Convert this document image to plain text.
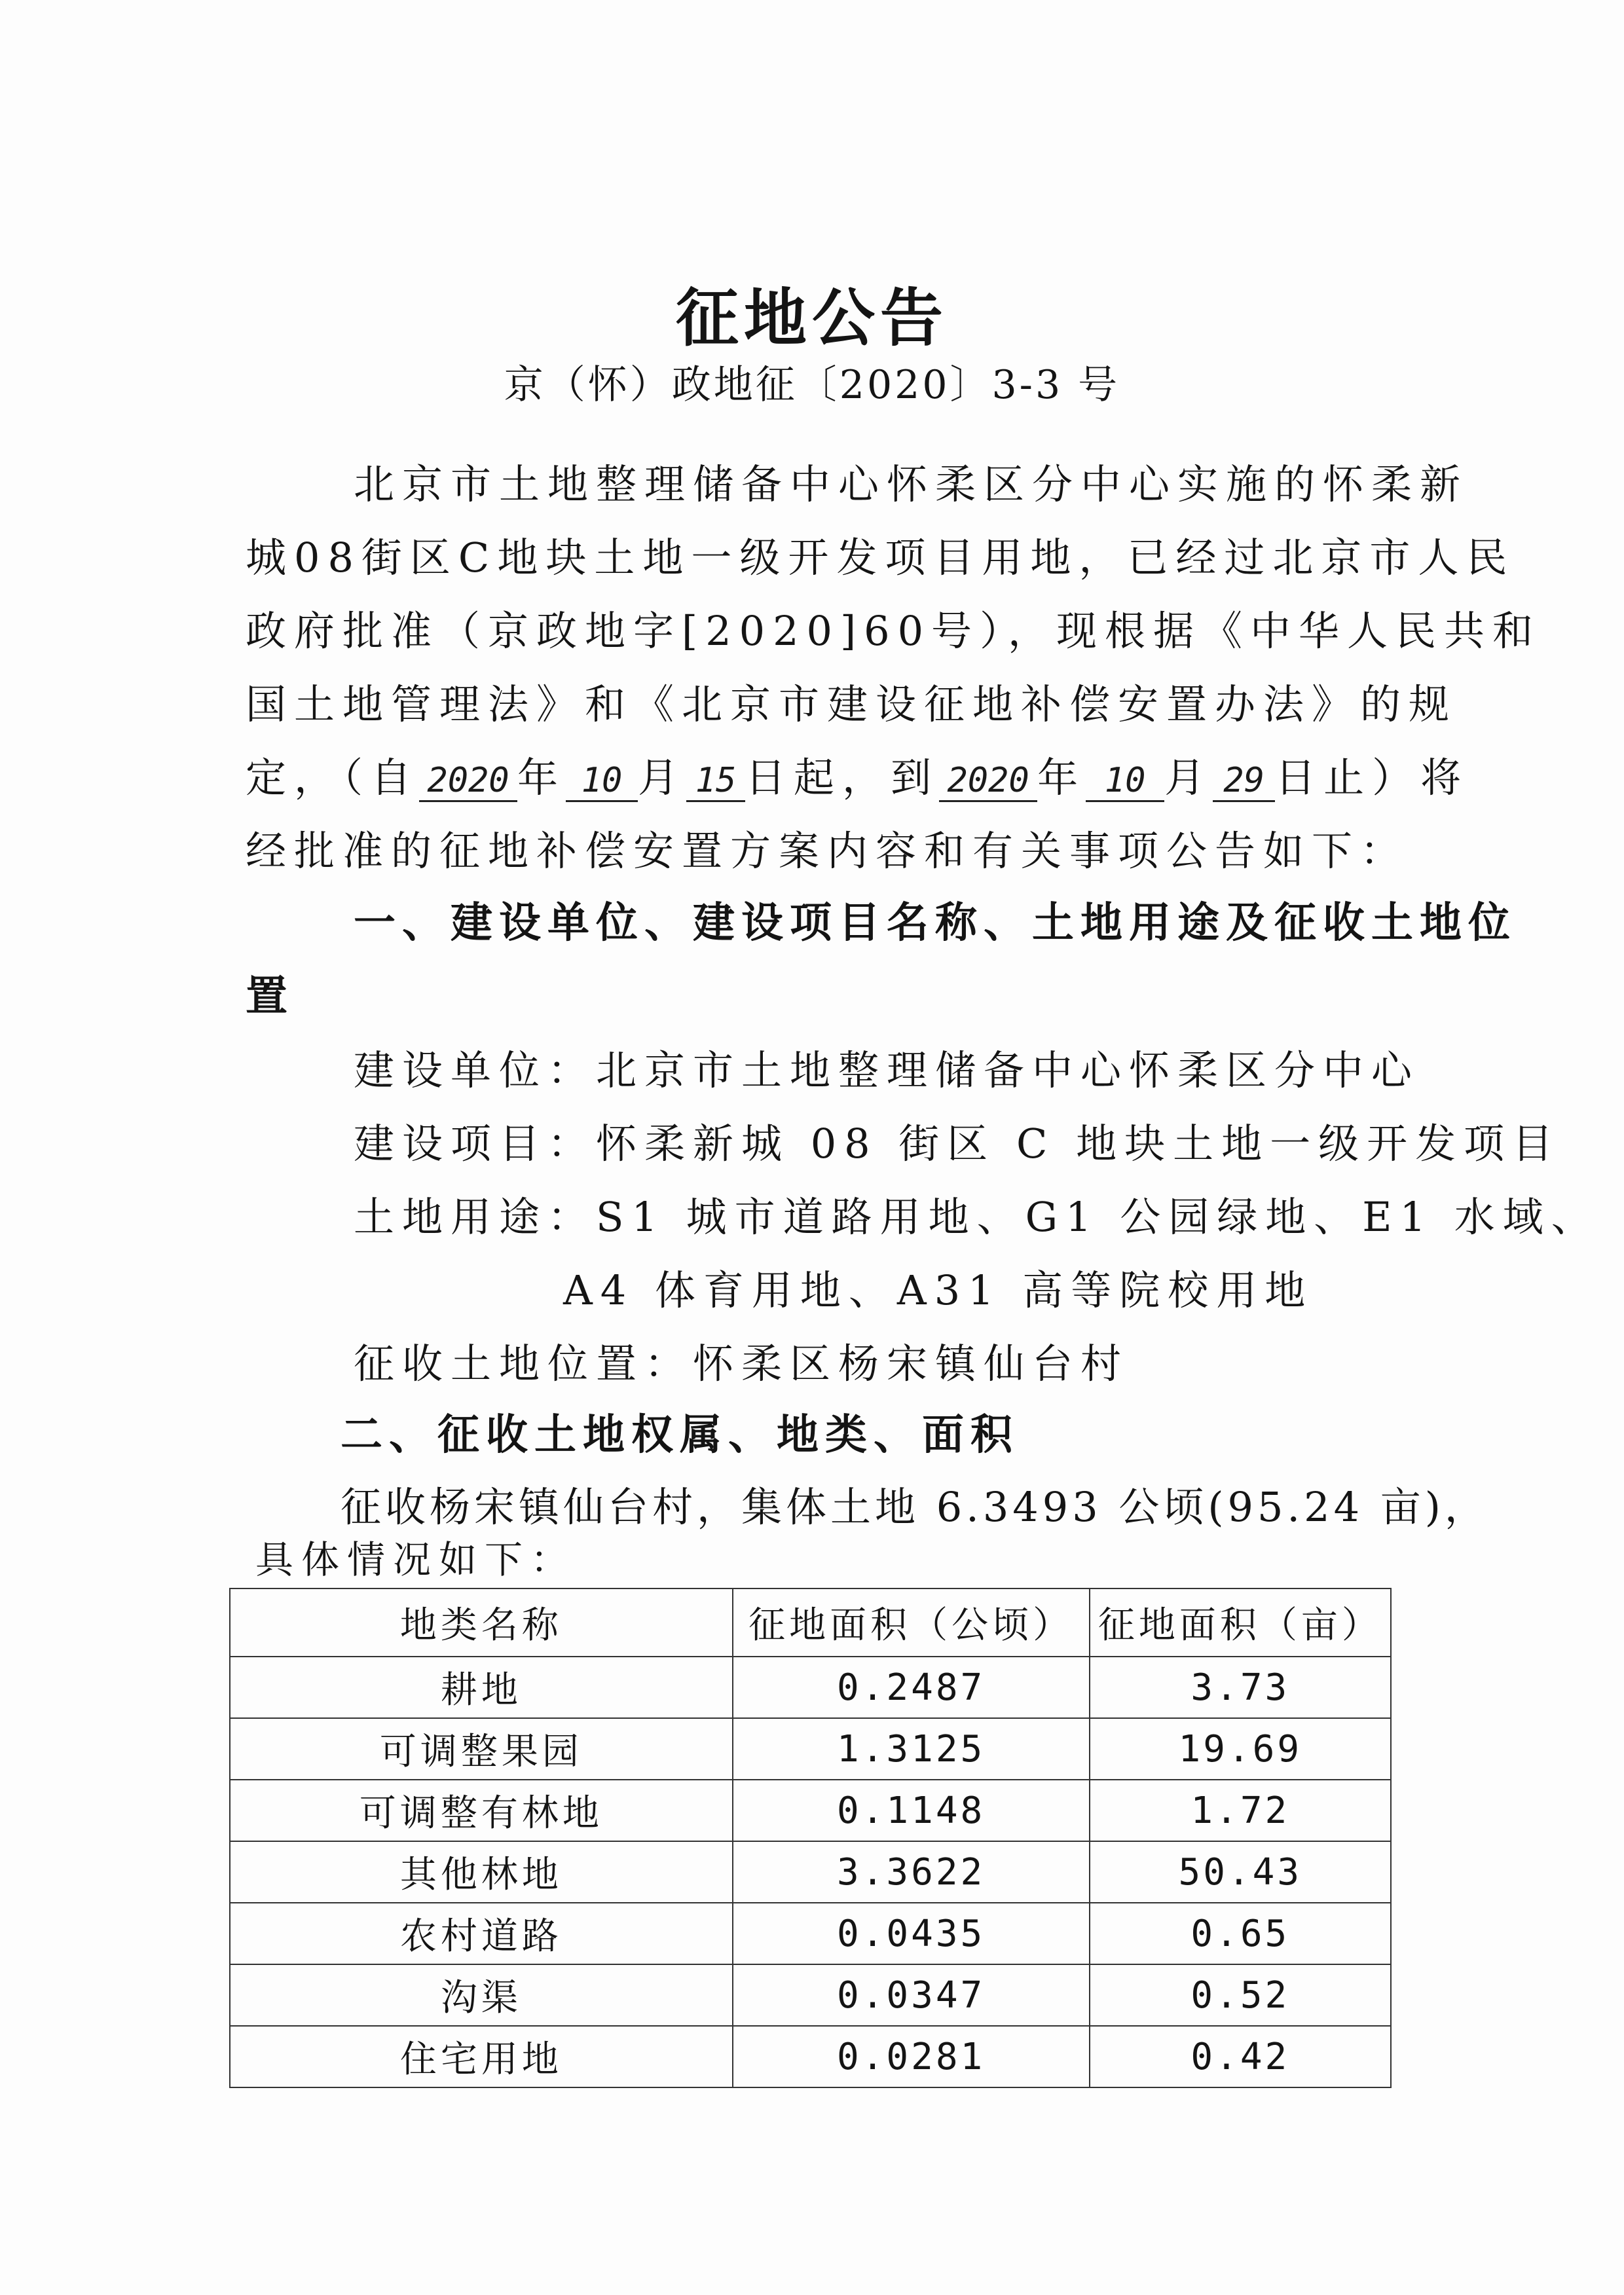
征地公告
京（怀）政地征〔2020〕3-3 号
北京市土地整理储备中心怀柔区分中心实施的怀柔新
城08街区C地块土地一级开发项目用地，已经过北京市人民
政府批准（京政地字[2020]60号），现根据《中华人民共和
国土地管理法》和《北京市建设征地补偿安置办法》的规
定，（自 2020 年 10 月 15 日起，到 2020 年 10 月 29 日止）将
经批准的征地补偿安置方案内容和有关事项公告如下：
一、建设单位、建设项目名称、土地用途及征收土地位
置
建设单位：北京市土地整理储备中心怀柔区分中心
建设项目：怀柔新城 08 街区 C 地块土地一级开发项目
土地用途：S1 城市道路用地、G1 公园绿地、E1 水域、
A4 体育用地、A31 高等院校用地
征收土地位置：怀柔区杨宋镇仙台村
二、征收土地权属、地类、面积
征收杨宋镇仙台村，集体土地 6.3493 公顷(95.24 亩)，
具体情况如下：
地类名称	征地面积（公顷）	征地面积（亩）
耕地	0.2487	3.73
可调整果园	1.3125	19.69
可调整有林地	0.1148	1.72
其他林地	3.3622	50.43
农村道路	0.0435	0.65
沟渠	0.0347	0.52
住宅用地	0.0281	0.42
